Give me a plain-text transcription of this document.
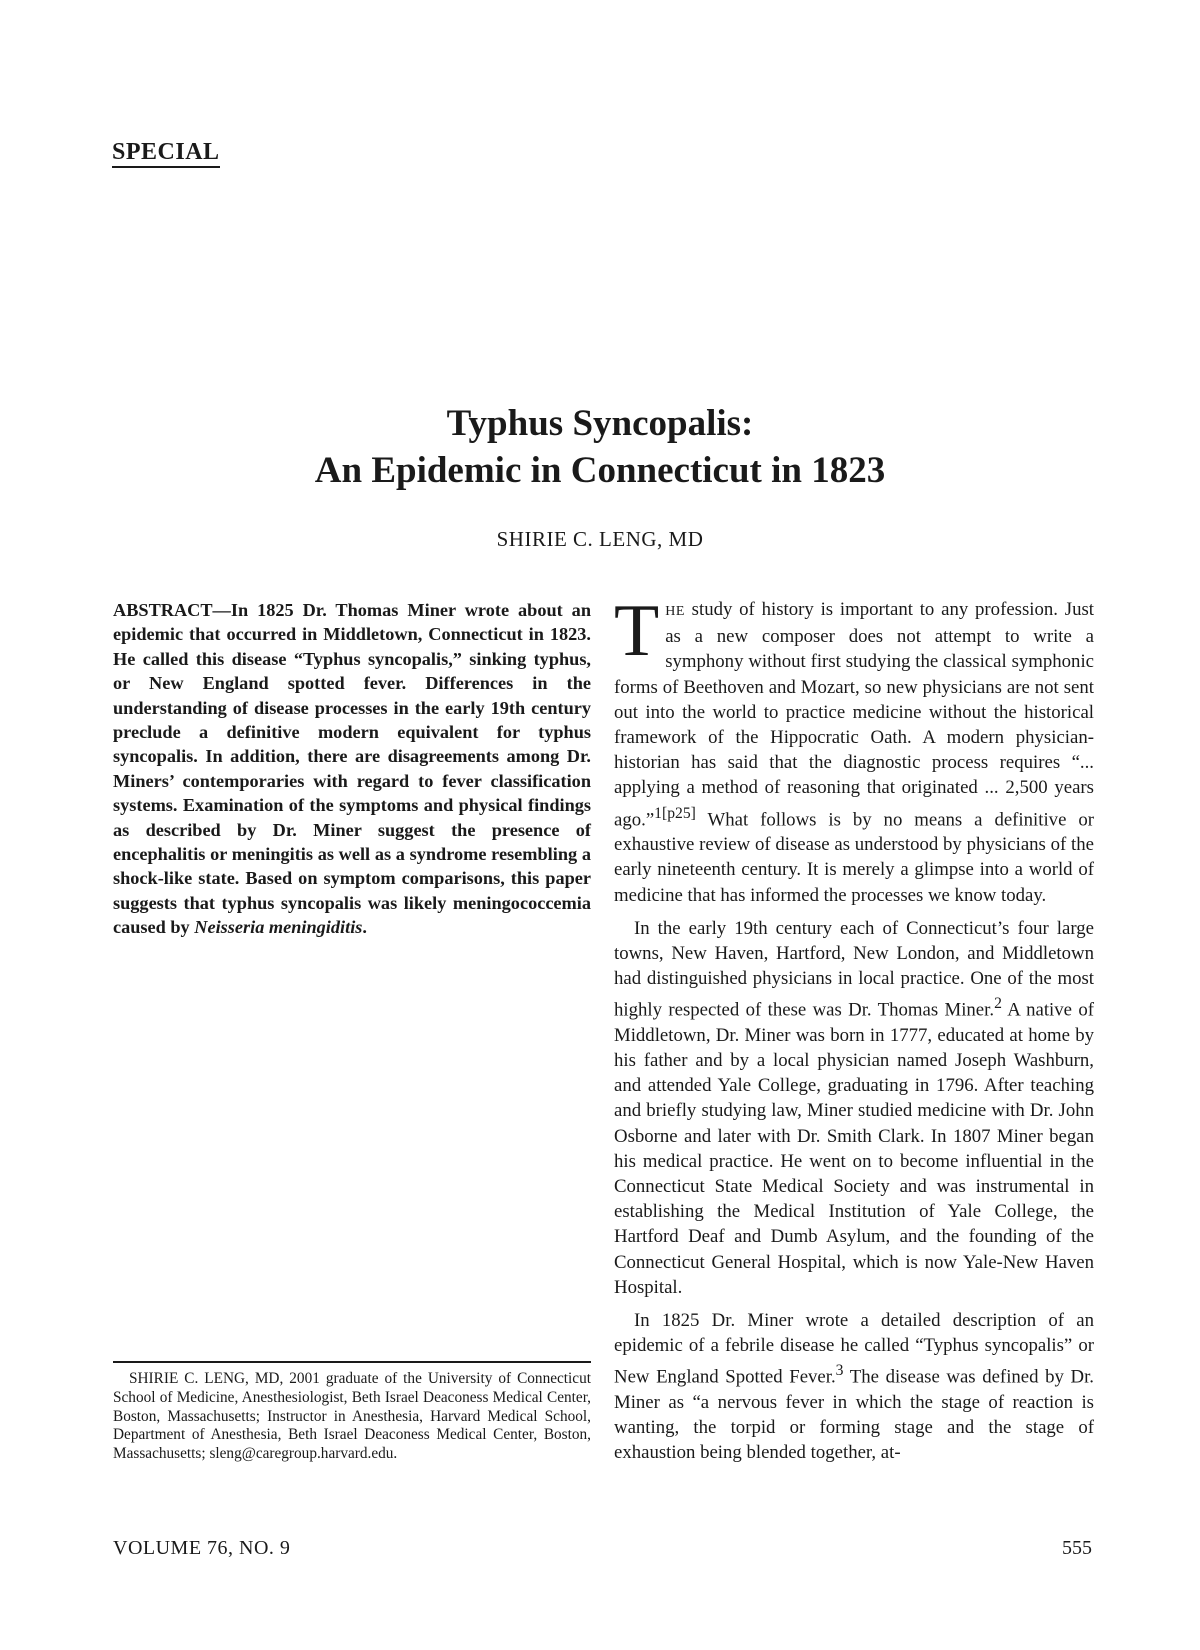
SPECIAL
Typhus Syncopalis:
An Epidemic in Connecticut in 1823
SHIRIE C. LENG, MD
ABSTRACT—In 1825 Dr. Thomas Miner wrote about an epidemic that occurred in Middletown, Connecticut in 1823. He called this disease “Typhus syncopalis,” sinking typhus, or New England spotted fever. Differences in the understanding of disease processes in the early 19th century preclude a definitive modern equivalent for typhus syncopalis. In addition, there are disagreements among Dr. Miners’ contemporaries with regard to fever classification systems. Examination of the symptoms and physical findings as described by Dr. Miner suggest the presence of encephalitis or meningitis as well as a syndrome resembling a shock-like state. Based on symptom comparisons, this paper suggests that typhus syncopalis was likely meningococcemia caused by Neisseria meningiditis.
SHIRIE C. LENG, MD, 2001 graduate of the University of Connecticut School of Medicine, Anesthesiologist, Beth Israel Deaconess Medical Center, Boston, Massachusetts; Instructor in Anesthesia, Harvard Medical School, Department of Anesthesia, Beth Israel Deaconess Medical Center, Boston, Massachusetts; sleng@caregroup.harvard.edu.

THE study of history is important to any profession. Just as a new composer does not attempt to write a symphony without first studying the classical symphonic forms of Beethoven and Mozart, so new physicians are not sent out into the world to practice medicine without the historical framework of the Hippocratic Oath. A modern physician-historian has said that the diagnostic process requires “... applying a method of reasoning that originated ... 2,500 years ago.”$^{1[p25]}$ What follows is by no means a definitive or exhaustive review of disease as understood by physicians of the early nineteenth century. It is merely a glimpse into a world of medicine that has informed the processes we know today.

In the early 19th century each of Connecticut’s four large towns, New Haven, Hartford, New London, and Middletown had distinguished physicians in local practice. One of the most highly respected of these was Dr. Thomas Miner.$^2$ A native of Middletown, Dr. Miner was born in 1777, educated at home by his father and by a local physician named Joseph Washburn, and attended Yale College, graduating in 1796. After teaching and briefly studying law, Miner studied medicine with Dr. John Osborne and later with Dr. Smith Clark. In 1807 Miner began his medical practice. He went on to become influential in the Connecticut State Medical Society and was instrumental in establishing the Medical Institution of Yale College, the Hartford Deaf and Dumb Asylum, and the founding of the Connecticut General Hospital, which is now Yale-New Haven Hospital.

In 1825 Dr. Miner wrote a detailed description of an epidemic of a febrile disease he called “Typhus syncopalis” or New England Spotted Fever.$^3$ The disease was defined by Dr. Miner as “a nervous fever in which the stage of reaction is wanting, the torpid or forming stage and the stage of exhaustion being blended together, at-

VOLUME 76, NO. 9	555
